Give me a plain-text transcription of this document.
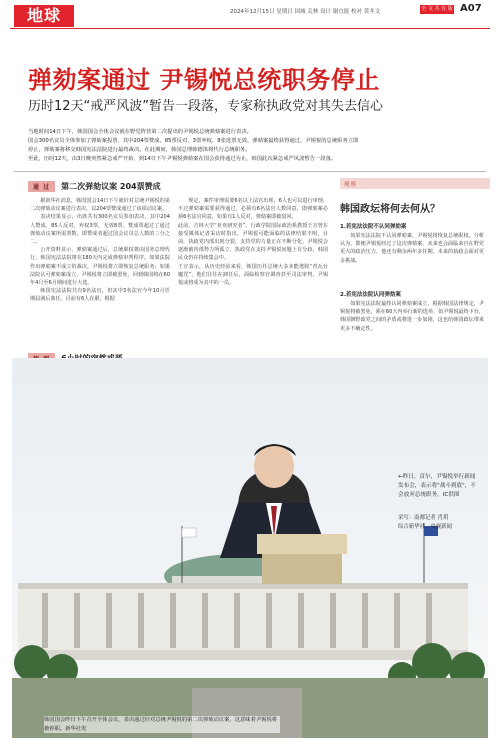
地球	2024年12月15日 星期日 国城 关林 设计 谢宜能 校对 黄冬文	全 文 共 有 版 A07
弹劾案通过 尹锡悦总统职务停止
历时12天“戒严风波”暂告一段落，专家称执政党对其失去信心

当地时间14日下午，韩国国会全体会议就在野党阵营第二次提出的尹锡悦总统弹劾案进行表决。

国会300名议员全体参加了弹劾案投票，其中204票赞成，85票反对，3票弃权，8张选票无效，弹劾案最终获得通过，尹锡悦的总统职务立即

停止，弹劾案将移交韩国宪法法院进行最终裁决。在此期间，韩国总理韩德洙将代行总统职务。

至此，历时12天，由3日晚突然紧急戒严开始，到14日下午尹锡悦弹劾案在国会获得通过为止，韩国此次紧急戒严风波暂告一段落。

通 过	第二次弹劾议案 204票赞成

据新华社消息，韩国国会14日下午就针对总统尹锡悦的第二次弹劾动议案进行表决，以204票赞成通过了该项动议案。

表决结果显示，出席共有300名议员参加表决，其中204人赞成，85人反对，弃权3票，无效8票。赞成票超过了通过弹劾动议案所需票数，即赞成者超过国会议员总人数的三分之二。

公开资料显示，弹劾案通过后，总统职权将由国务总理代行，韩国宪法法院将在180天内完成弹劾审判程序，如果法院作出弹劾案不成立的裁决，尹锡悦将立即恢复总统职务；如果法院认可弹劾案成立，尹锡悦将立即被罢免，回到韩国将在60年4月至6月期间进行大选。

韩国宪法法院共有9名法官，但其中3名法官今年10月任期届满后离任，目前有6人在职，根据

规定，案件审理需要6名以上法官出席，6人也可以进行审理，不过弹劾案需要获得通过，必须有6名法官人数同意，即弹劾案必须6名法官同意，如果有1人反对，弹劾案即被驳回。
此前，吉林大学“亚亚研究者”、行政学院国际政治系教授王宣曾在接受媒体记者采访时指出，尹锡悦可能面临的法律结果不明，目前，执政党内部出现分裂，支持党的力量正在不断分化，尹锡悦会逐渐被内部势力所孤立，执政党在支持尹锡悦问题上有分歧，韩国民众仍在持续集会中。
王宣表示，从历史经验来看，韩国历任总统大多未能逃脱“青瓦台魔咒”，他们往往在卸任后，面临检察官调查甚至司法审判，尹锡悦或将成为其中的一员。

观察
韩国政坛将何去何从？
1.若宪法法院不认同弹劾案

如果宪法法院不认同弹劾案，尹锡悦将恢复总统职权。分析认为，即便尹锡悦经过了这次弹劾案，未来也会面临来自在野党更大的政治压力，他还有剩余两年多任期，未来的执政会面对更多挑战。

2.若宪法法院认同弹劾案

如果宪法法院最终认同弹劾案成立，根据韩国法律规定，尹锡悦将被罢免，须在60天内举行新的选举，如尹锡悦最终下台，韩国朝野政党之间的矛盾或将进一步加剧，这也给韩国政坛带来更多不确定性。

←昨日，首尔，尹锡悦举行新闻发布会，表示将"战斗到底"，不会放弃总统职务。IC供图
采写：南都记者 肖玥
综合新华社、央视新闻
韩国国会昨日下午召开全体会议，表决通过针对总统尹锡悦的第二次弹劾动议案，这意味着尹锡悦将被停职。新华社发
